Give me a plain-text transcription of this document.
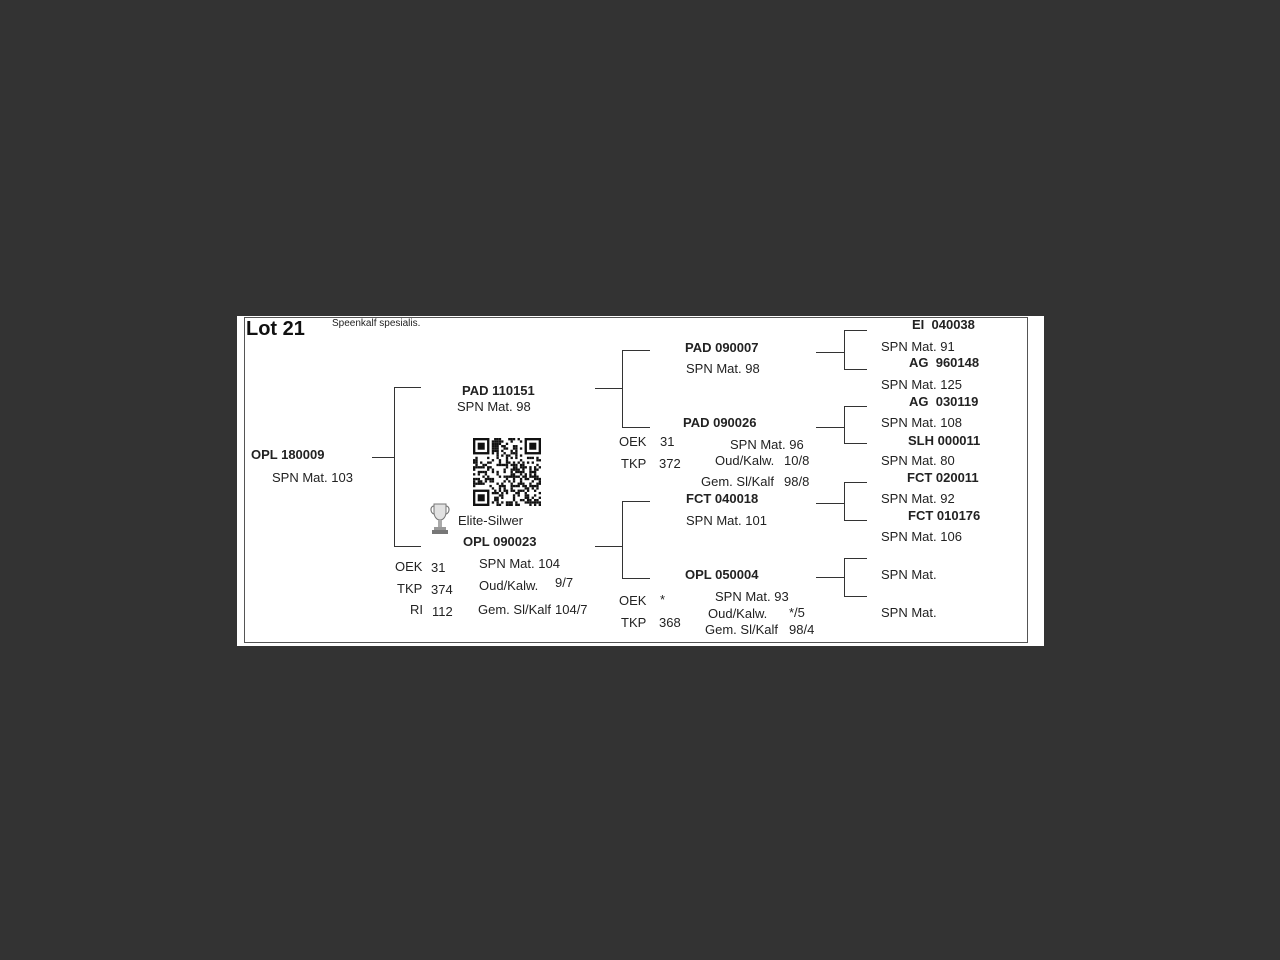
Lot 21	Speenkalf spesialis.
OPL 180009
SPN Mat. 103
PAD 110151
SPN Mat. 98
Elite-Silwer
OPL 090023
OEK 31
TKP 374
RI 112
SPN Mat. 104
Oud/Kalw. 9/7
Gem. Sl/Kalf 104/7
PAD 090007
SPN Mat. 98
PAD 090026
OEK 31
TKP 372
SPN Mat. 96
Oud/Kalw. 10/8
Gem. Sl/Kalf 98/8
FCT 040018
SPN Mat. 101
OPL 050004
OEK *
TKP 368
SPN Mat. 93
Oud/Kalw. */5
Gem. Sl/Kalf 98/4
EI  040038
SPN Mat. 91
AG  960148
SPN Mat. 125
AG  030119
SPN Mat. 108
SLH 000011
SPN Mat. 80
FCT 020011
SPN Mat. 92
FCT 010176
SPN Mat. 106
SPN Mat.
SPN Mat.
